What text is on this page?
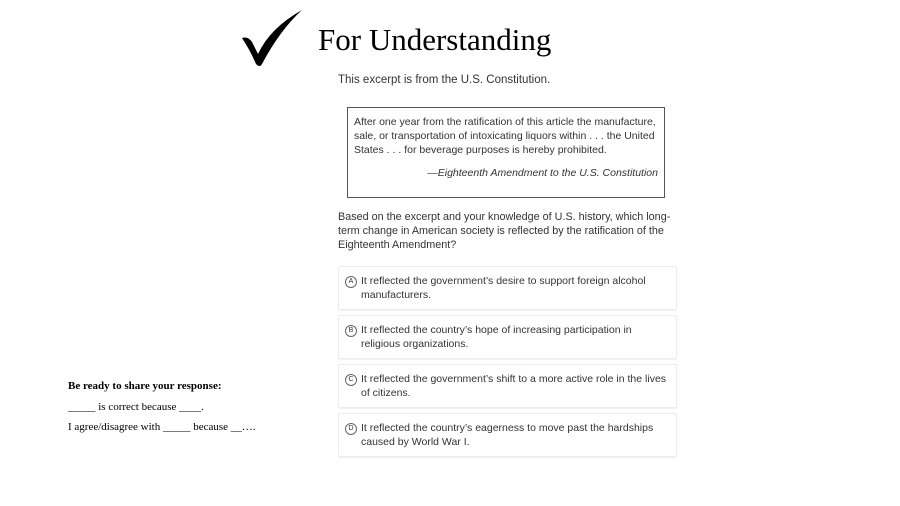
For Understanding
This excerpt is from the U.S. Constitution.
After one year from the ratification of this article the manufacture, sale, or transportation of intoxicating liquors within . . . the United States . . . for beverage purposes is hereby prohibited.
—Eighteenth Amendment to the U.S. Constitution
Based on the excerpt and your knowledge of U.S. history, which long-term change in American society is reflected by the ratification of the Eighteenth Amendment?
A It reflected the government’s desire to support foreign alcohol manufacturers.
B It reflected the country’s hope of increasing participation in religious organizations.
C It reflected the government’s shift to a more active role in the lives of citizens.
D It reflected the country’s eagerness to move past the hardships caused by World War I.
Be ready to share your response:
_____ is correct because ____.
I agree/disagree with _____ because __….
